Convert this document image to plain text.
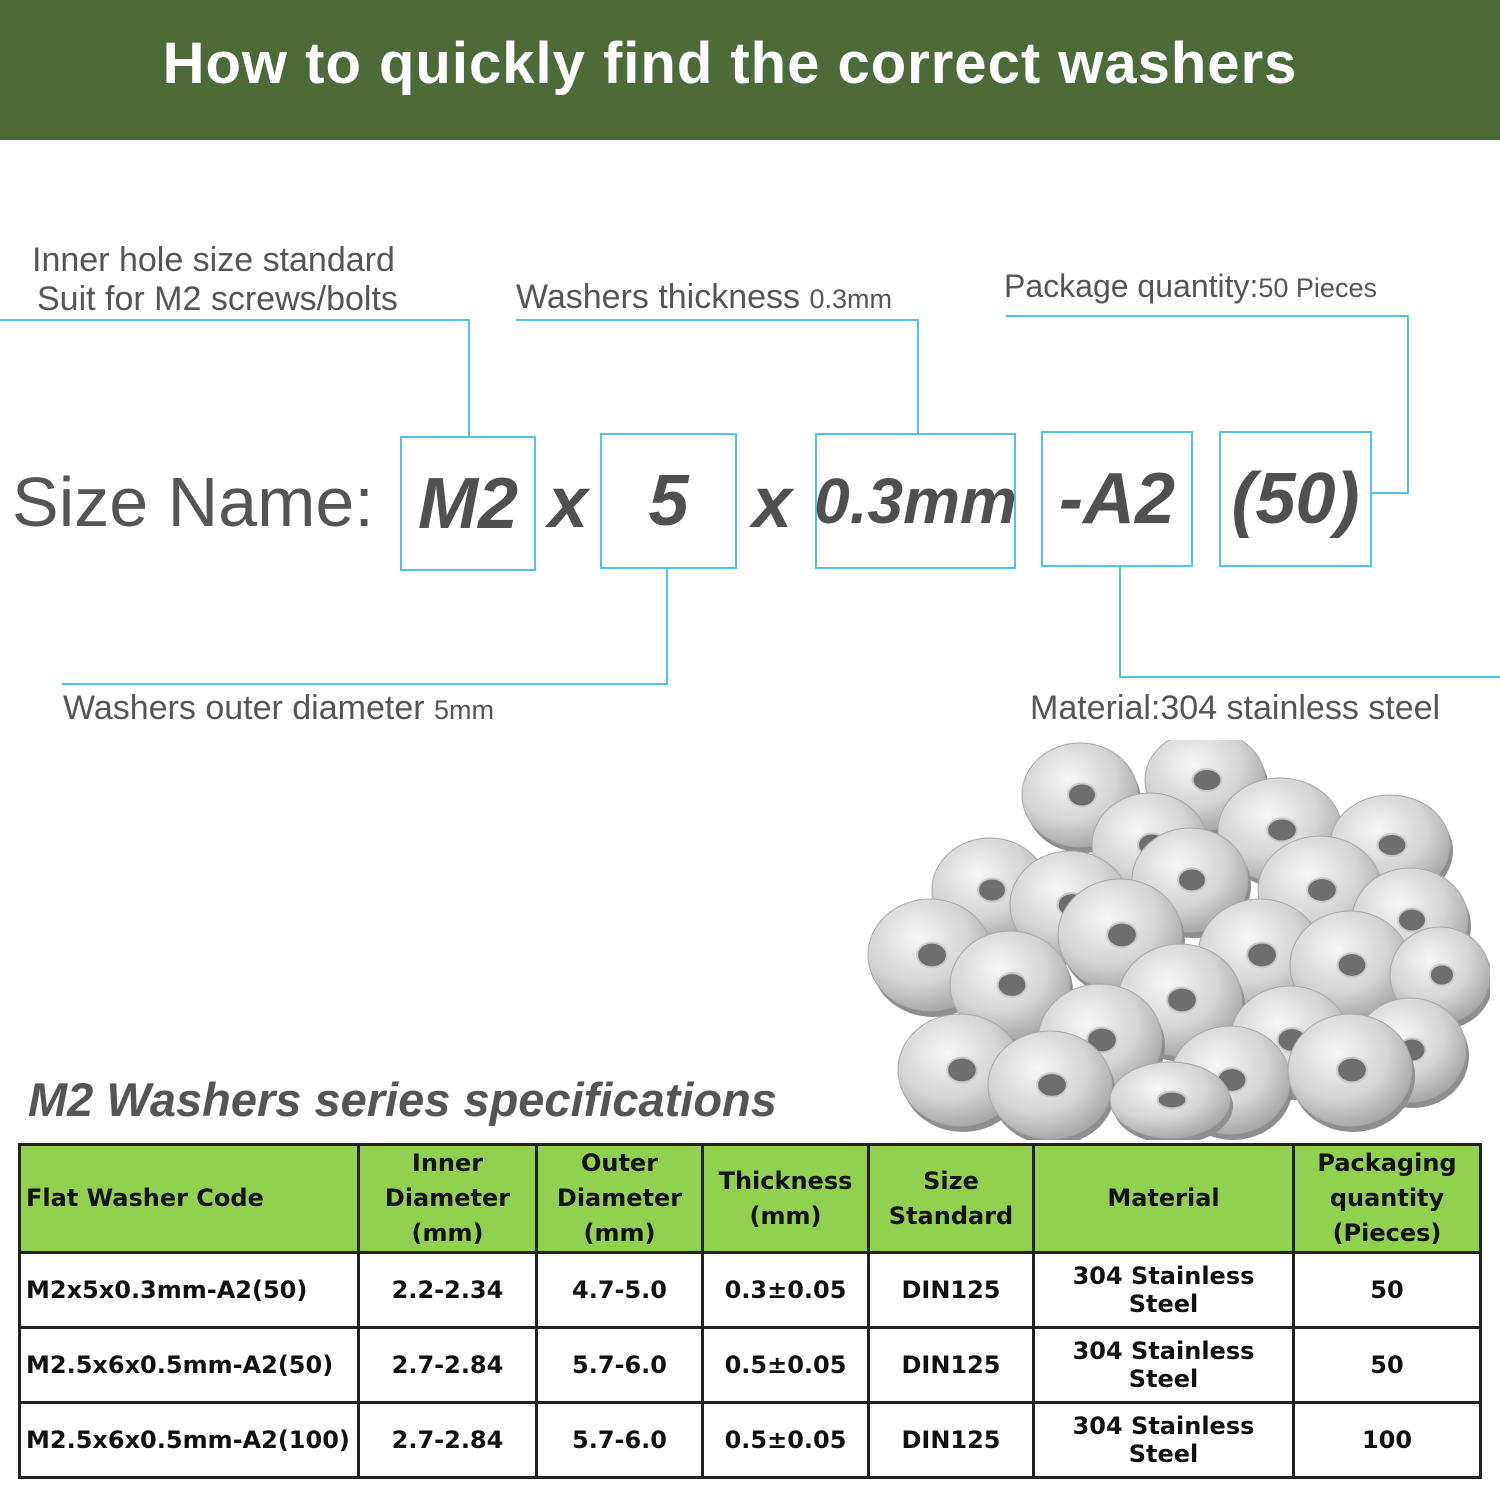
How to quickly find the correct washers
Inner hole size standard
Suit for M2 screws/bolts	Washers thickness 0.3mm	Package quantity:50 Pieces
Washers outer diameter 5mm	Material:304 stainless steel
Size Name: M2 x 5 x 0.3mm -A2 (50)
M2 Washers series specifications
Flat Washer Code	Inner
Diameter
(mm)	Outer
Diameter
(mm)	Thickness
(mm)	Size
Standard	Material	Packaging
quantity
(Pieces)
M2x5x0.3mm-A2(50)	2.2-2.34	4.7-5.0	0.3±0.05	DIN125	304 Stainless Steel	50
M2.5x6x0.5mm-A2(50)	2.7-2.84	5.7-6.0	0.5±0.05	DIN125	304 Stainless Steel	50
M2.5x6x0.5mm-A2(100)	2.7-2.84	5.7-6.0	0.5±0.05	DIN125	304 Stainless Steel	100
